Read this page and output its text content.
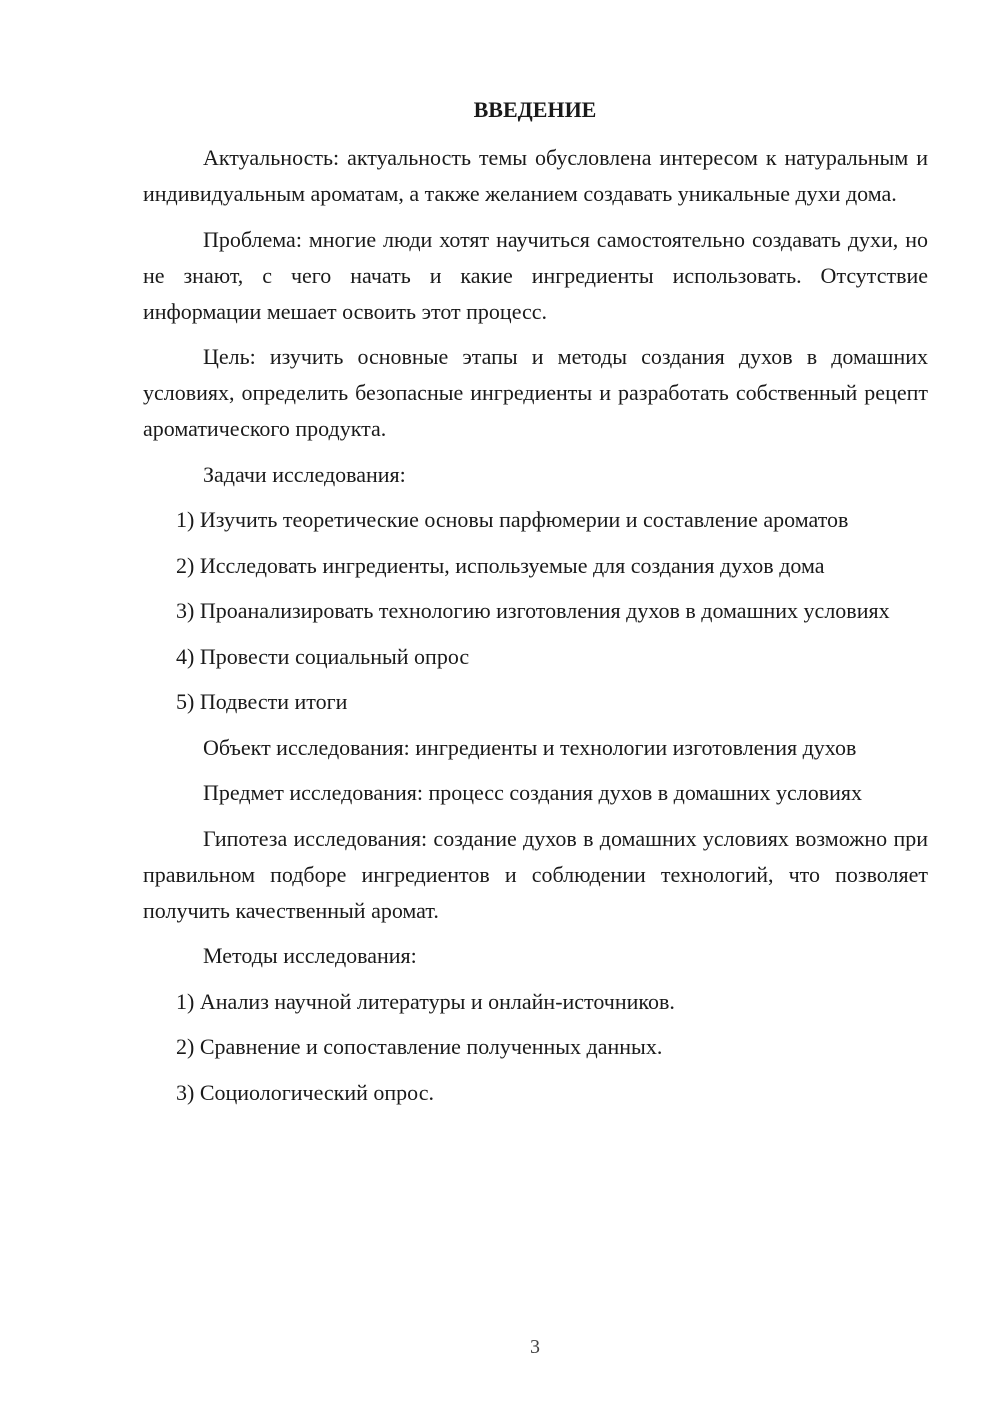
ВВЕДЕНИЕ

Актуальность: актуальность темы обусловлена интересом к натуральным и индивидуальным ароматам, а также желанием создавать уникальные духи дома.

Проблема: многие люди хотят научиться самостоятельно создавать духи, но не знают, с чего начать и какие ингредиенты использовать. Отсутствие информации мешает освоить этот процесс.

Цель: изучить основные этапы и методы создания духов в домашних условиях, определить безопасные ингредиенты и разработать собственный рецепт ароматического продукта.

Задачи исследования:

1) Изучить теоретические основы парфюмерии и составление ароматов

2) Исследовать ингредиенты, используемые для создания духов дома

3) Проанализировать технологию изготовления духов в домашних условиях

4) Провести социальный опрос

5) Подвести итоги

Объект исследования: ингредиенты и технологии изготовления духов

Предмет исследования: процесс создания духов в домашних условиях

Гипотеза исследования: создание духов в домашних условиях возможно при правильном подборе ингредиентов и соблюдении технологий, что позволяет получить качественный аромат.

Методы исследования:

1) Анализ научной литературы и онлайн-источников.

2) Сравнение и сопоставление полученных данных.

3) Социологический опрос.

3
